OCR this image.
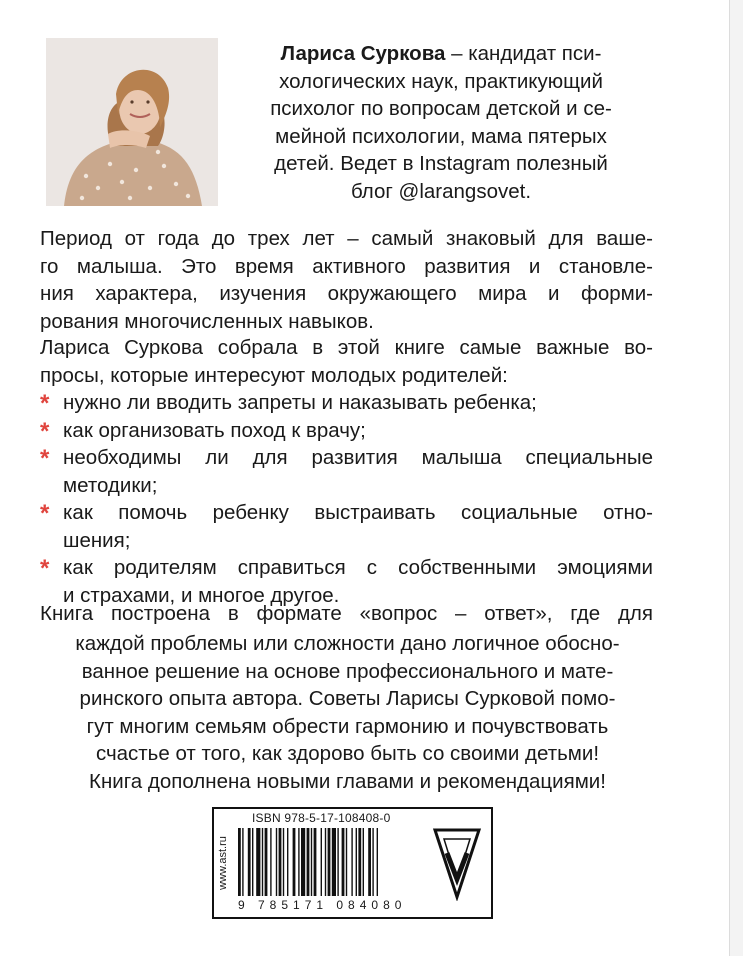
Лариса Суркова – кандидат пси-
хологических наук, практикующий
психолог по вопросам детской и се-
мейной психологии, мама пятерых
детей. Ведет в Instagram полезный
блог @larangsovet.
Период от года до трех лет – самый знаковый для ваше-
го малыша. Это время активного развития и становле-
ния характера, изучения окружающего мира и форми-
рования многочисленных навыков.
Лариса Суркова собрала в этой книге самые важные во-
просы, которые интересуют молодых родителей:
* нужно ли вводить запреты и наказывать ребенка;
* как организовать поход к врачу;
* необходимы ли для развития малыша специальные
методики;
* как помочь ребенку выстраивать социальные отно-
шения;
* как родителям справиться с собственными эмоциями
и страхами, и многое другое.
Книга построена в формате «вопрос – ответ», где для
каждой проблемы или сложности дано логичное обосно-
ванное решение на основе профессионального и мате-
ринского опыта автора. Советы Ларисы Сурковой помо-
гут многим семьям обрести гармонию и почувствовать
счастье от того, как здорово быть со своими детьми!
Книга дополнена новыми главами и рекомендациями!
www.ast.ru
ISBN 978-5-17-108408-0
9 785171 084080
